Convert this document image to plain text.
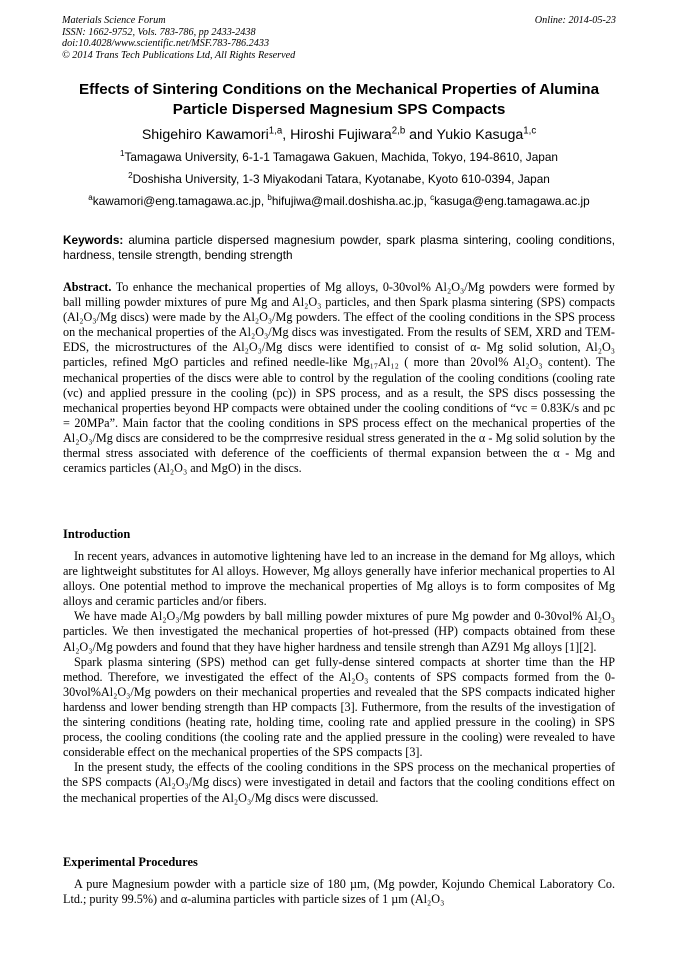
Materials Science Forum
ISSN: 1662-9752, Vols. 783-786, pp 2433-2438
doi:10.4028/www.scientific.net/MSF.783-786.2433
© 2014 Trans Tech Publications Ltd, All Rights Reserved
Online: 2014-05-23
Effects of Sintering Conditions on the Mechanical Properties of Alumina
Particle Dispersed Magnesium SPS Compacts
Shigehiro Kawamori$^{1,a}$, Hiroshi Fujiwara$^{2,b}$ and Yukio Kasuga$^{1,c}$
$^1$Tamagawa University, 6-1-1 Tamagawa Gakuen, Machida, Tokyo, 194-8610, Japan
$^2$Doshisha University, 1-3 Miyakodani Tatara, Kyotanabe, Kyoto 610-0394, Japan
$^a$kawamori@eng.tamagawa.ac.jp, $^b$hifujiwa@mail.doshisha.ac.jp, $^c$kasuga@eng.tamagawa.ac.jp
Keywords: alumina particle dispersed magnesium powder, spark plasma sintering, cooling conditions, hardness, tensile strength, bending strength

Abstract. To enhance the mechanical properties of Mg alloys, 0-30vol% Al₂O₃/Mg powders were formed by ball milling powder mixtures of pure Mg and Al₂O₃ particles, and then Spark plasma sintering (SPS) compacts (Al₂O₃/Mg discs) were made by the Al₂O₃/Mg powders. The effect of the cooling conditions in the SPS process on the mechanical properties of the Al₂O₃/Mg discs was investigated. From the results of SEM, XRD and TEM-EDS, the microstructures of the Al₂O₃/Mg discs were identified to consist of α- Mg solid solution, Al₂O₃ particles, refined MgO particles and refined needle-like Mg₁₇Al₁₂ ( more than 20vol% Al₂O₃ content). The mechanical properties of the discs were able to control by the regulation of the cooling conditions (cooling rate (vc) and applied pressure in the cooling (pc)) in SPS process, and as a result, the SPS discs possessing the mechanical properties beyond HP compacts were obtained under the cooling conditions of “vc = 0.83K/s and pc = 20MPa”. Main factor that the cooling conditions in SPS process effect on the mechanical properties of the Al₂O₃/Mg discs are considered to be the comprresive residual stress generated in the α - Mg solid solution by the thermal stress associated with deference of the coefficients of thermal expansion between the α - Mg and ceramics particles (Al₂O₃ and MgO) in the discs.

Introduction

In recent years, advances in automotive lightening have led to an increase in the demand for Mg alloys, which are lightweight substitutes for Al alloys. However, Mg alloys generally have inferior mechanical properties to Al alloys. One potential method to improve the mechanical properties of Mg alloys is to form composites of Mg alloys and ceramic particles and/or fibers.

We have made Al₂O₃/Mg powders by ball milling powder mixtures of pure Mg powder and 0-30vol% Al₂O₃ particles. We then investigated the mechanical properties of hot-pressed (HP) compacts obtained from these Al₂O₃/Mg powders and found that they have higher hardness and tensile strengh than AZ91 Mg alloys [1][2].

Spark plasma sintering (SPS) method can get fully-dense sintered compacts at shorter time than the HP method. Therefore, we investigated the effect of the Al₂O₃ contents of SPS compacts formed from the 0-30vol%Al₂O₃/Mg powders on their mechanical properties and revealed that the SPS compacts indicated higher hardenss and lower bending strength than HP compacts [3]. Futhermore, from the results of the investigation of the sintering conditions (heating rate, holding time, cooling rate and applied pressure in the cooling) in SPS process, the cooling conditions (the cooling rate and the applied pressure in the cooling) were revealed to have considerable effect on the mechanical properties of the SPS compacts [3].

In the present study, the effects of the cooling conditions in the SPS process on the mechanical properties of the SPS compacts (Al₂O₃/Mg discs) were investigated in detail and factors that the cooling conditions effect on the mechanical properties of the Al₂O₃/Mg discs were discussed.

Experimental Procedures

A pure Magnesium powder with a particle size of 180 µm, (Mg powder, Kojundo Chemical Laboratory Co. Ltd.; purity 99.5%) and α-alumina particles with particle sizes of 1 µm (Al₂O₃
